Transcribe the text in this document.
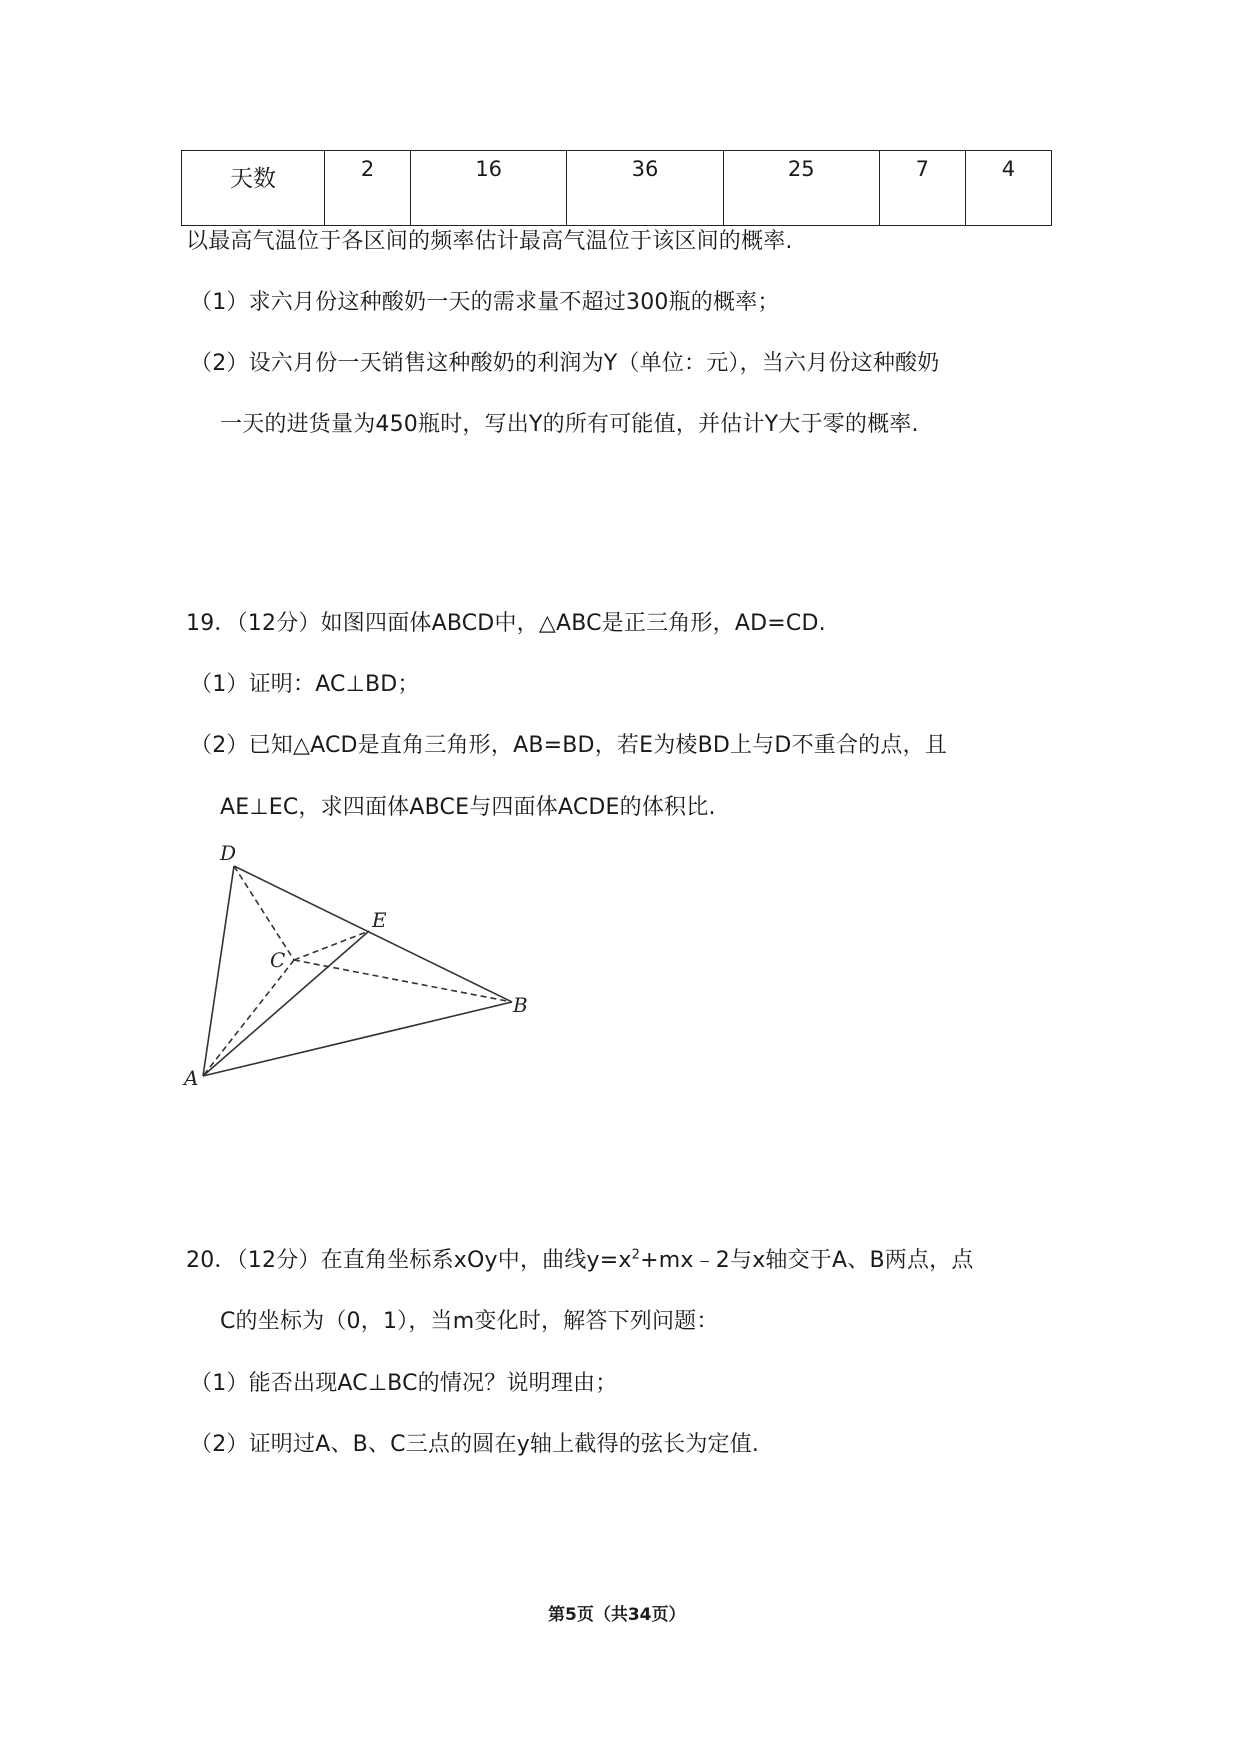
天数	2	16	36	25	7	4
以最高气温位于各区间的频率估计最高气温位于该区间的概率.
（1）求六月份这种酸奶一天的需求量不超过300瓶的概率；
（2）设六月份一天销售这种酸奶的利润为Y（单位：元），当六月份这种酸奶
一天的进货量为450瓶时，写出Y的所有可能值，并估计Y大于零的概率.
19．（12分）如图四面体ABCD中，△ABC是正三角形，AD=CD.
（1）证明：AC⊥BD；
（2）已知△ACD是直角三角形，AB=BD，若E为棱BD上与D不重合的点，且
AE⊥EC，求四面体ABCE与四面体ACDE的体积比.
D
E
C
B
A
20．（12分）在直角坐标系xOy中，曲线$y=x^2+mx﹣2$与x轴交于A、B两点，点
C的坐标为（0，1），当m变化时，解答下列问题：
（1）能否出现AC⊥BC的情况？说明理由；
（2）证明过A、B、C三点的圆在y轴上截得的弦长为定值.
第5页（共34页）
